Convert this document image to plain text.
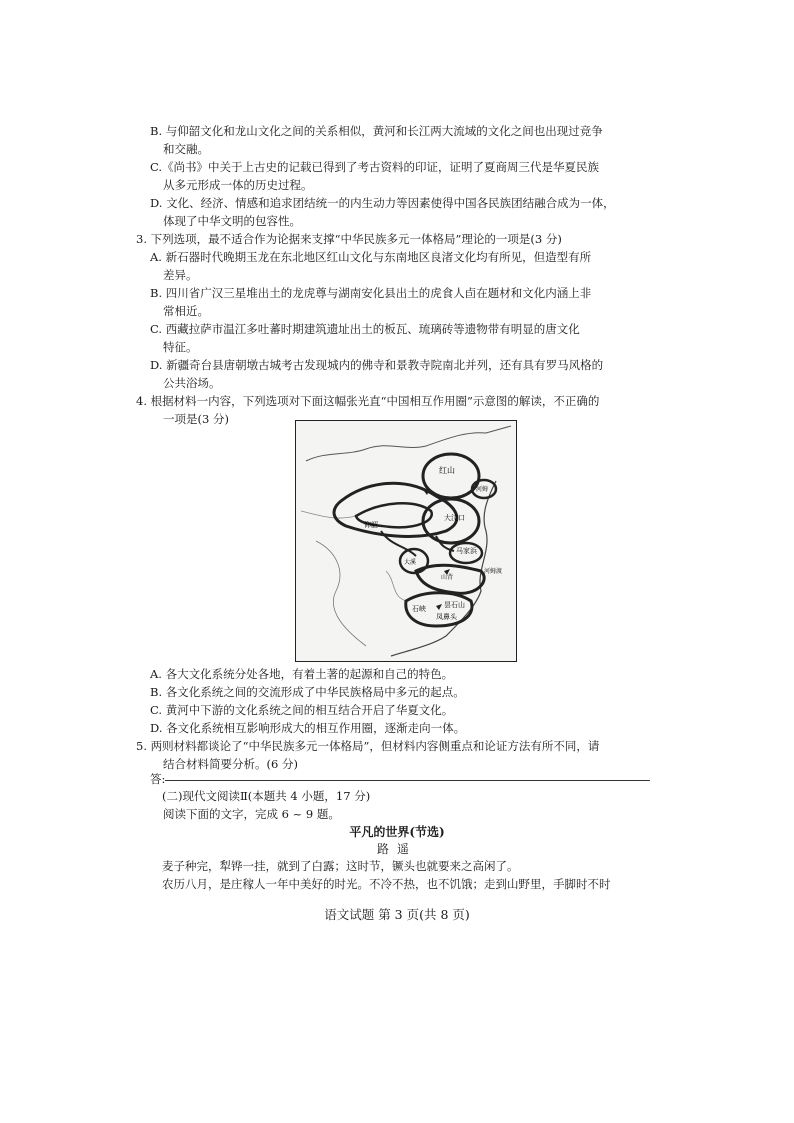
B. 与仰韶文化和龙山文化之间的关系相似，黄河和长江两大流域的文化之间也出现过竞争
和交融。
C.《尚书》中关于上古史的记载已得到了考古资料的印证，证明了夏商周三代是华夏民族
从多元形成一体的历史过程。
D. 文化、经济、情感和追求团结统一的内生动力等因素使得中国各民族团结融合成为一体，
体现了中华文明的包容性。
3. 下列选项，最不适合作为论据来支撑“中华民族多元一体格局”理论的一项是(3 分)
A. 新石器时代晚期玉龙在东北地区红山文化与东南地区良渚文化均有所见，但造型有所
差异。
B. 四川省广汉三星堆出土的龙虎尊与湖南安化县出土的虎食人卣在题材和文化内涵上非
常相近。
C. 西藏拉萨市温江多吐蕃时期建筑遗址出土的板瓦、琉璃砖等遗物带有明显的唐文化
特征。
D. 新疆奇台县唐朝墩古城考古发现城内的佛寺和景教寺院南北并列，还有具有罗马风格的
公共浴场。
4. 根据材料一内容，下列选项对下面这幅张光直“中国相互作用圈”示意图的解读，不正确的
一项是(3 分)
红山
河姆
仰韶
大汶口
马家浜
大溪
河姆渡
山背
昙石山
石峡
凤鼻头
A. 各大文化系统分处各地，有着土著的起源和自己的特色。
B. 各文化系统之间的交流形成了中华民族格局中多元的起点。
C. 黄河中下游的文化系统之间的相互结合开启了华夏文化。
D. 各文化系统相互影响形成大的相互作用圈，逐渐走向一体。
5. 两则材料都谈论了“中华民族多元一体格局”，但材料内容侧重点和论证方法有所不同，请
结合材料简要分析。(6 分)
答:
(二)现代文阅读Ⅱ(本题共 4 小题，17 分)
阅读下面的文字，完成 6 ~ 9 题。
平凡的世界(节选)
路遥
麦子种完，犁铧一挂，就到了白露；这时节，镢头也就要来之高闲了。
农历八月，是庄稼人一年中美好的时光。不冷不热，也不饥饿；走到山野里，手脚时不时
语文试题 第 3 页(共 8 页)
